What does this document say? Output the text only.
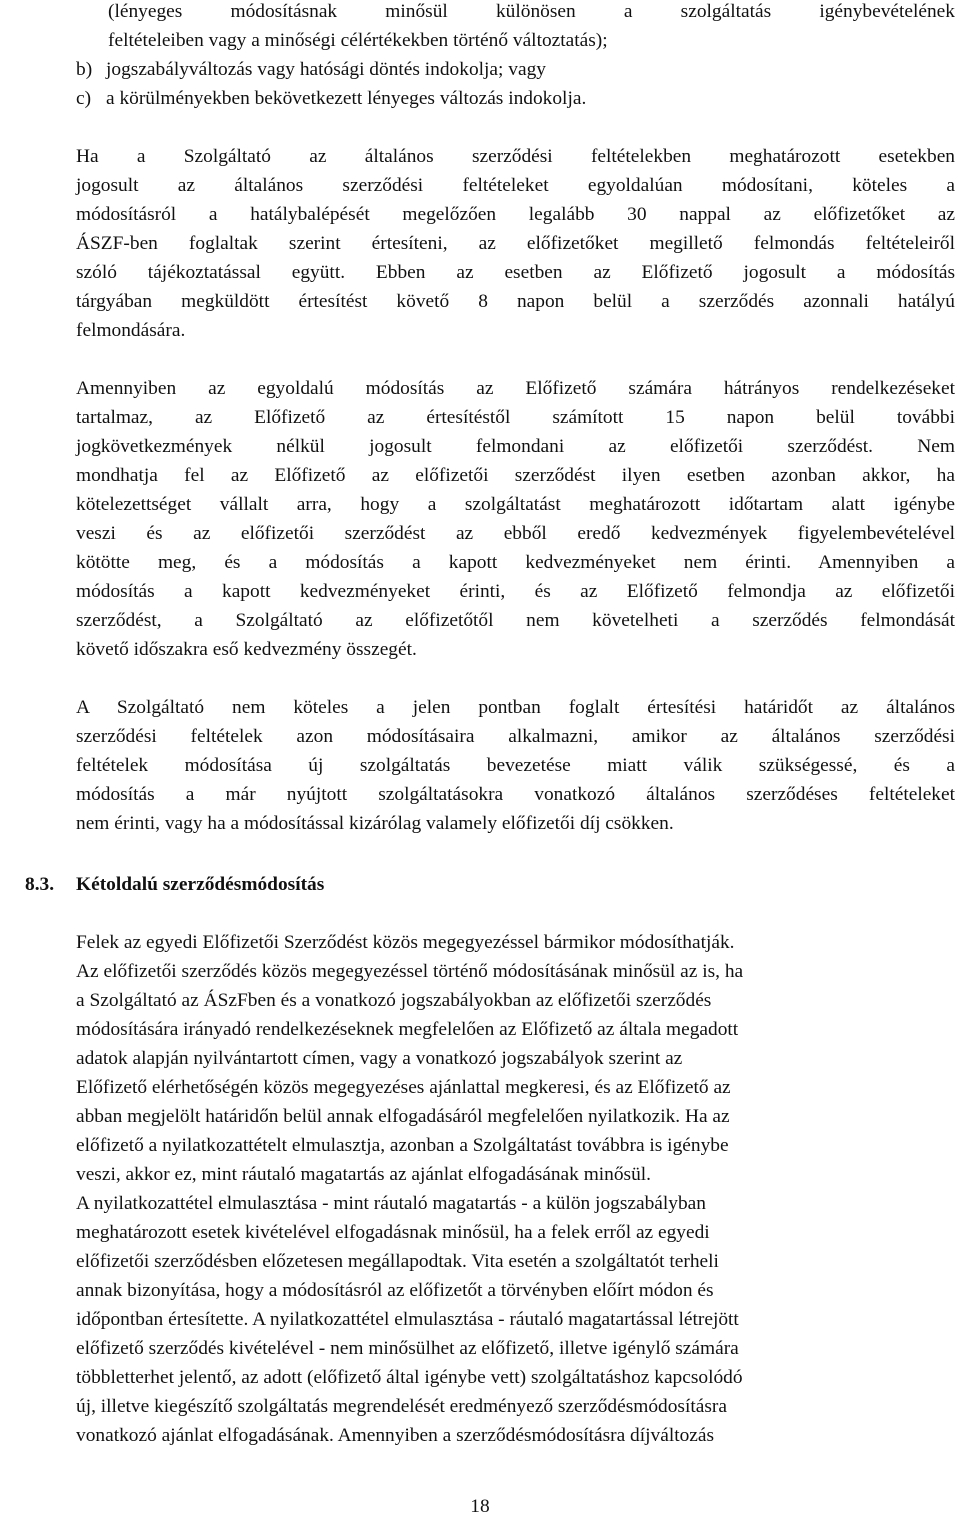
(lényeges módosításnak minősül különösen a szolgáltatás igénybevételének
feltételeiben vagy a minőségi célértékekben történő változtatás);
b) jogszabályváltozás vagy hatósági döntés indokolja; vagy
c) a körülményekben bekövetkezett lényeges változás indokolja.
Ha a Szolgáltató az általános szerződési feltételekben meghatározott esetekben
jogosult az általános szerződési feltételeket egyoldalúan módosítani, köteles a
módosításról a hatálybalépését megelőzően legalább 30 nappal az előfizetőket az
ÁSZF-ben foglaltak szerint értesíteni, az előfizetőket megillető felmondás feltételeiről
szóló tájékoztatással együtt. Ebben az esetben az Előfizető jogosult a módosítás
tárgyában megküldött értesítést követő 8 napon belül a szerződés azonnali hatályú
felmondására.
Amennyiben az egyoldalú módosítás az Előfizető számára hátrányos rendelkezéseket
tartalmaz, az Előfizető az értesítéstől számított 15 napon belül további
jogkövetkezmények nélkül jogosult felmondani az előfizetői szerződést. Nem
mondhatja fel az Előfizető az előfizetői szerződést ilyen esetben azonban akkor, ha
kötelezettséget vállalt arra, hogy a szolgáltatást meghatározott időtartam alatt igénybe
veszi és az előfizetői szerződést az ebből eredő kedvezmények figyelembevételével
kötötte meg, és a módosítás a kapott kedvezményeket nem érinti. Amennyiben a
módosítás a kapott kedvezményeket érinti, és az Előfizető felmondja az előfizetői
szerződést, a Szolgáltató az előfizetőtől nem követelheti a szerződés felmondását
követő időszakra eső kedvezmény összegét.
A Szolgáltató nem köteles a jelen pontban foglalt értesítési határidőt az általános
szerződési feltételek azon módosításaira alkalmazni, amikor az általános szerződési
feltételek módosítása új szolgáltatás bevezetése miatt válik szükségessé, és a
módosítás a már nyújtott szolgáltatásokra vonatkozó általános szerződéses feltételeket
nem érinti, vagy ha a módosítással kizárólag valamely előfizetői díj csökken.
8.3. Kétoldalú szerződésmódosítás
Felek az egyedi Előfizetői Szerződést közös megegyezéssel bármikor módosíthatják.
Az előfizetői szerződés közös megegyezéssel történő módosításának minősül az is, ha
a Szolgáltató az ÁSzFben és a vonatkozó jogszabályokban az előfizetői szerződés
módosítására irányadó rendelkezéseknek megfelelően az Előfizető az általa megadott
adatok alapján nyilvántartott címen, vagy a vonatkozó jogszabályok szerint az
Előfizető elérhetőségén közös megegyezéses ajánlattal megkeresi, és az Előfizető az
abban megjelölt határidőn belül annak elfogadásáról megfelelően nyilatkozik. Ha az
előfizető a nyilatkozattételt elmulasztja, azonban a Szolgáltatást továbbra is igénybe
veszi, akkor ez, mint ráutaló magatartás az ajánlat elfogadásának minősül.
A nyilatkozattétel elmulasztása - mint ráutaló magatartás - a külön jogszabályban
meghatározott esetek kivételével elfogadásnak minősül, ha a felek erről az egyedi
előfizetői szerződésben előzetesen megállapodtak. Vita esetén a szolgáltatót terheli
annak bizonyítása, hogy a módosításról az előfizetőt a törvényben előírt módon és
időpontban értesítette. A nyilatkozattétel elmulasztása - ráutaló magatartással létrejött
előfizető szerződés kivételével - nem minősülhet az előfizető, illetve igénylő számára
többletterhet jelentő, az adott (előfizető által igénybe vett) szolgáltatáshoz kapcsolódó
új, illetve kiegészítő szolgáltatás megrendelését eredményező szerződésmódosításra
vonatkozó ajánlat elfogadásának. Amennyiben a szerződésmódosításra díjváltozás
18
